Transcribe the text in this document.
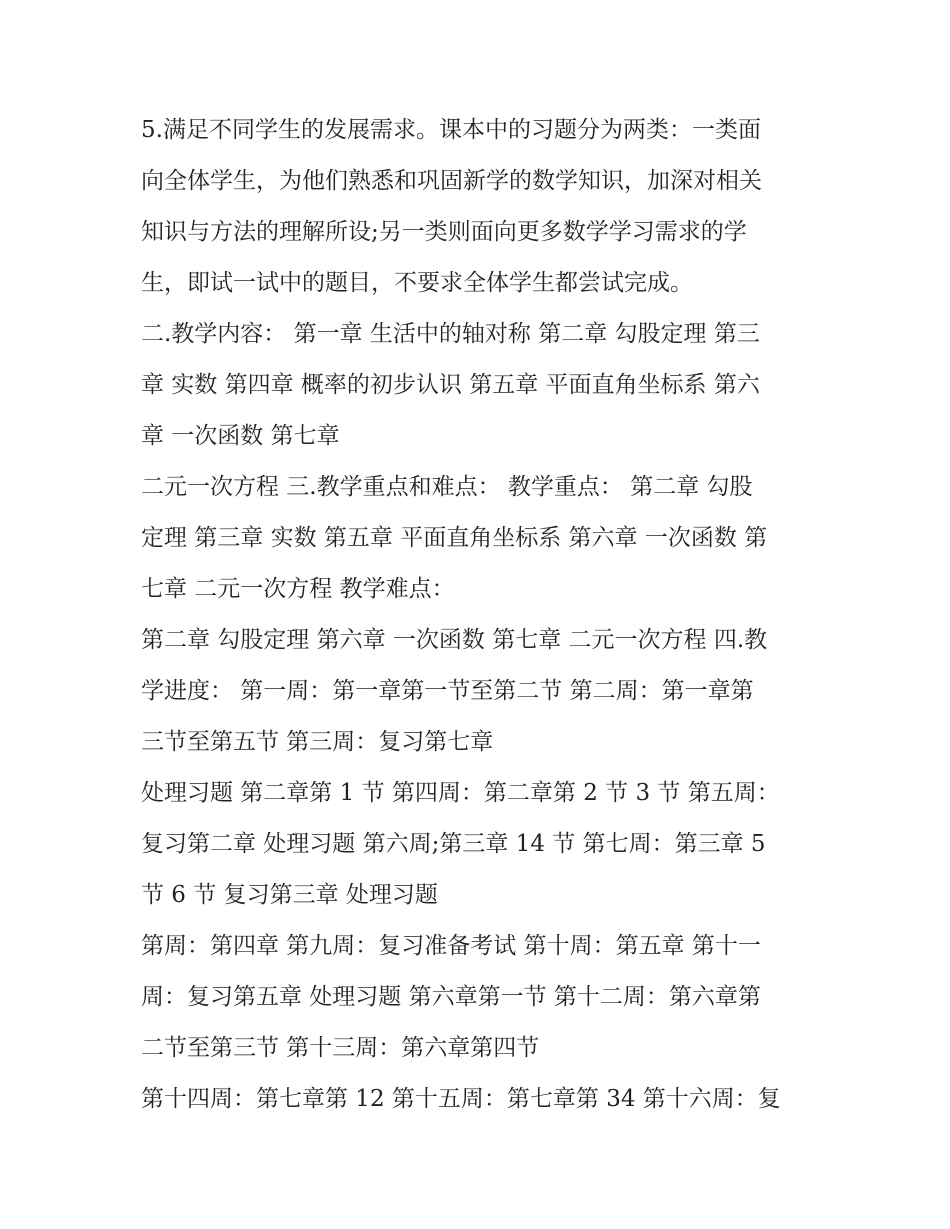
5.满足不同学生的发展需求。课本中的习题分为两类：一类面
向全体学生，为他们熟悉和巩固新学的数学知识，加深对相关
知识与方法的理解所设;另一类则面向更多数学学习需求的学
生，即试一试中的题目，不要求全体学生都尝试完成。
二.教学内容： 第一章 生活中的轴对称 第二章 勾股定理 第三
章 实数 第四章 概率的初步认识 第五章 平面直角坐标系 第六
章 一次函数 第七章
二元一次方程 三.教学重点和难点： 教学重点： 第二章 勾股
定理 第三章 实数 第五章 平面直角坐标系 第六章 一次函数 第
七章 二元一次方程 教学难点：
第二章 勾股定理 第六章 一次函数 第七章 二元一次方程 四.教
学进度： 第一周：第一章第一节至第二节 第二周：第一章第
三节至第五节 第三周：复习第七章
处理习题 第二章第 1 节 第四周：第二章第 2 节 3 节 第五周：
复习第二章 处理习题 第六周;第三章 14 节 第七周：第三章 5
节 6 节 复习第三章 处理习题
第周：第四章 第九周：复习准备考试 第十周：第五章 第十一
周：复习第五章 处理习题 第六章第一节 第十二周：第六章第
二节至第三节 第十三周：第六章第四节
第十四周：第七章第 12 第十五周：第七章第 34 第十六周：复
